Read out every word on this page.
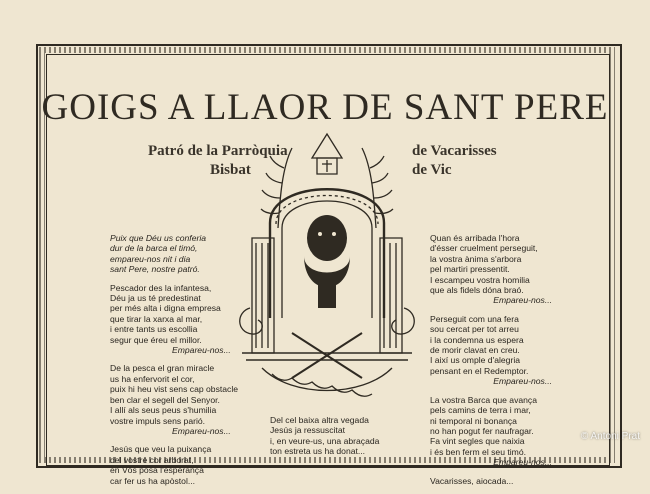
GOIGS A LLAOR DE SANT PERE
Patró de la Parròquia
Bisbat
de Vacarisses
de Vic
Puix que Déu us conferia
dur de la barca el timó,
empareu-nos nit i dia
sant Pere, nostre patró.
Pescador des la infantesa,
Déu ja us té predestinat
per més alta i digna empresa
que tirar la xarxa al mar,
i entre tants us escollia
segur que éreu el millor.
Empareu-nos...
De la pesca el gran miracle
us ha enfervorit el cor,
puix hi heu vist sens cap obstacle
ben clar el segell del Senyor.
I allí als seus peus s'humilia
vostre impuls sens parió.
Empareu-nos...
Jesús que veu la puixança
del vostre cor arborat,
en Vós posa l'esperança
car fer us ha apòstol...
Del cel baixa altra vegada
Jesús ja ressuscitat
i, en veure-us, una abraçada
ton estreta us ha donat...
Quan és arribada l'hora
d'ésser cruelment perseguit,
la vostra ànima s'arbora
pel martiri pressentit.
I escampeu vostra homilia
que als fidels dóna braó.
Empareu-nos...
Perseguit com una fera
sou cercat per tot arreu
i la condemna us espera
de morir clavat en creu.
I així us omple d'alegria
pensant en el Redemptor.
Empareu-nos...
La vostra Barca que avança
pels camins de terra i mar,
ni temporal ni bonança
no han pogut fer naufragar.
Fa vint segles que naixia
i és ben ferm el seu timó.
Empareu-nos...
Vacarisses, aiocada...
© Antoni Prat
